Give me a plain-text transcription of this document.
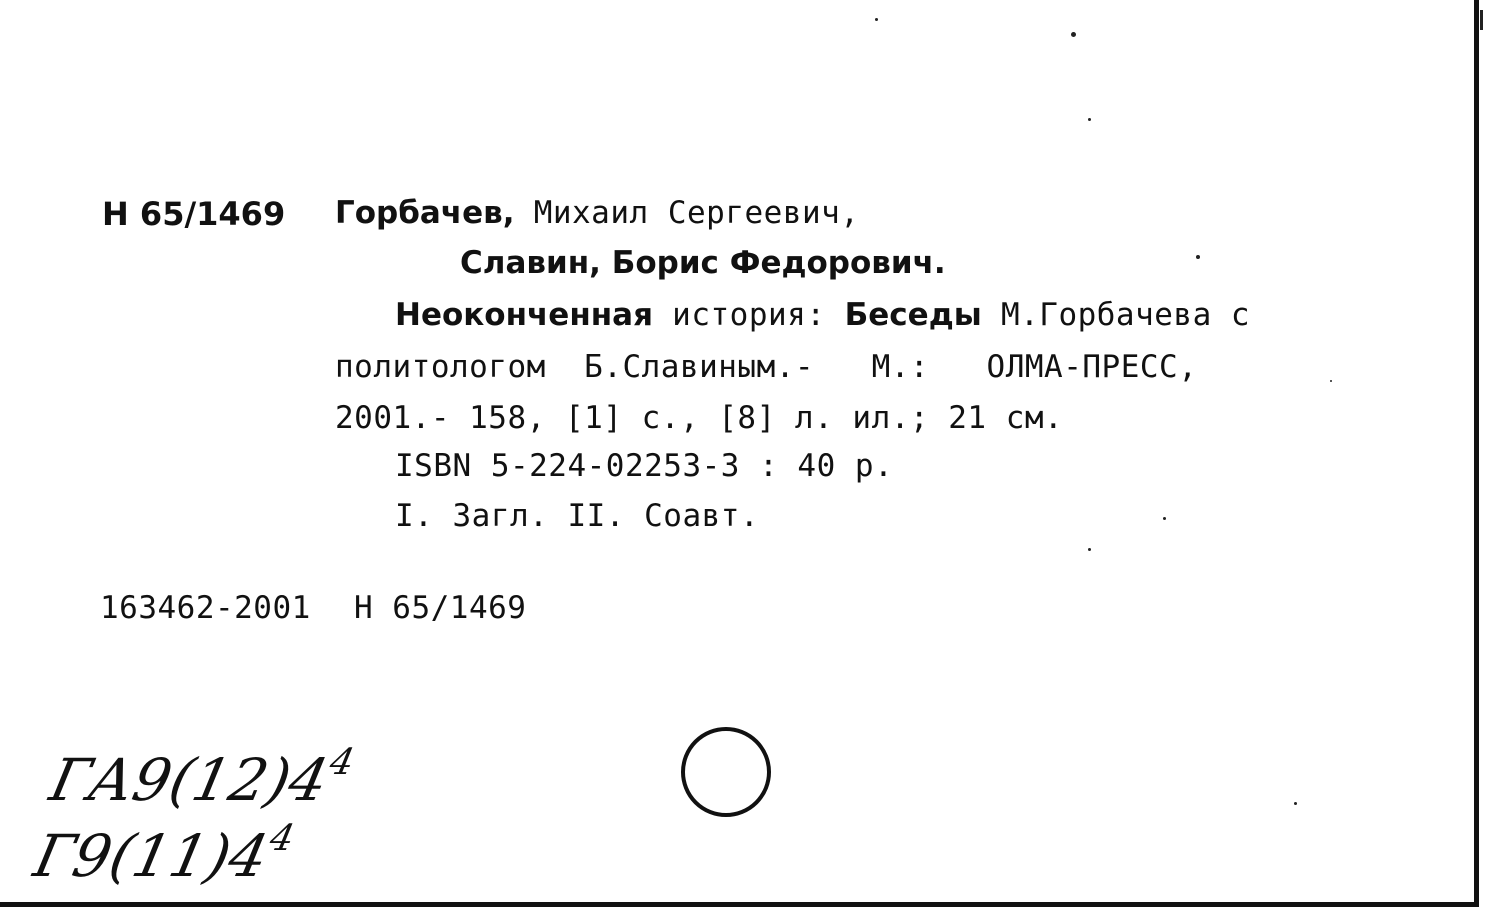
Н 65/1469 Горбачев, Михаил Сергеевич,
Славин, Борис Федорович.
Неоконченная история: Беседы М.Горбачева с
политологом  Б.Славиным.-   М.:   ОЛМА-ПРЕСС,
2001.- 158, [1] с., [8] л. ил.; 21 см.
ISBN 5-224-02253-3 : 40 р.
I. Загл. II. Соавт.
163462-2001 Н 65/1469
$ГА9(12)4^4$
$Г9(11)4^4$
